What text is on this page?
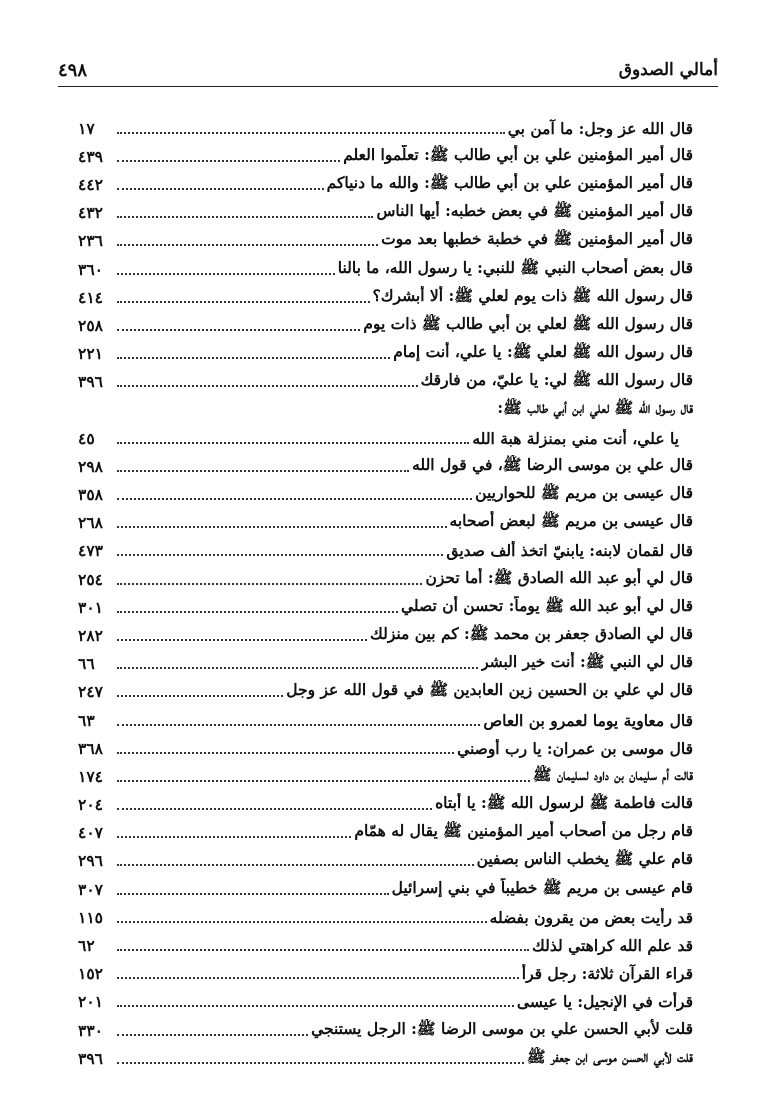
أمالي الصدوق
٤٩٨
قال الله عز وجل: ما آمن بي
١٧
قال أمير المؤمنين علي بن أبي طالب ﷺ: تعلّموا العلم
٤٣٩
قال أمير المؤمنين علي بن أبي طالب ﷺ: والله ما دنياكم
٤٤٢
قال أمير المؤمنين ﷺ في بعض خطبه: أيها الناس
٤٣٢
قال أمير المؤمنين ﷺ في خطبة خطبها بعد موت
٢٣٦
قال بعض أصحاب النبي ﷺ للنبي: يا رسول الله، ما بالنا
٣٦٠
قال رسول الله ﷺ ذات يوم لعلي ﷺ: ألا أبشرك؟
٤١٤
قال رسول الله ﷺ لعلي بن أبي طالب ﷺ ذات يوم
٢٥٨
قال رسول الله ﷺ لعلي ﷺ: يا علي، أنت إمام
٢٢١
قال رسول الله ﷺ لي: يا عليّ، من فارقك
٣٩٦
قال رسول الله ﷺ لعلي ابن أبي طالب ﷺ:
يا علي، أنت مني بمنزلة هبة الله
٤٥
قال علي بن موسى الرضا ﷺ، في قول الله
٢٩٨
قال عيسى بن مريم ﷺ للحواريين
٣٥٨
قال عيسى بن مريم ﷺ لبعض أصحابه
٢٦٨
قال لقمان لابنه: يابنيّ اتخذ ألف صديق
٤٧٣
قال لي أبو عبد الله الصادق ﷺ: أما تحزن
٢٥٤
قال لي أبو عبد الله ﷺ يوماً: تحسن أن تصلي
٣٠١
قال لي الصادق جعفر بن محمد ﷺ: كم بين منزلك
٢٨٢
قال لي النبي ﷺ: أنت خير البشر
٦٦
قال لي علي بن الحسين زين العابدين ﷺ في قول الله عز وجل
٢٤٧
قال معاوية يوما لعمرو بن العاص
٦٣
قال موسى بن عمران: يا رب أوصني
٣٦٨
قالت أم سليمان بن داود لسليمان ﷺ
١٧٤
قالت فاطمة ﷺ لرسول الله ﷺ: يا أبتاه
٢٠٤
قام رجل من أصحاب أمير المؤمنين ﷺ يقال له همّام
٤٠٧
قام علي ﷺ يخطب الناس بصفين
٢٩٦
قام عيسى بن مريم ﷺ خطيباً في بني إسرائيل
٣٠٧
قد رأيت بعض من يقرون بفضله
١١٥
قد علم الله كراهتي لذلك
٦٢
قراء القرآن ثلاثة: رجل قرأ
١٥٢
قرأت في الإنجيل: يا عيسى
٢٠١
قلت لأبي الحسن علي بن موسى الرضا ﷺ: الرجل يستنجي
٣٣٠
قلت لأبي الحسن موسى ابن جعفر ﷺ
٣٩٦
